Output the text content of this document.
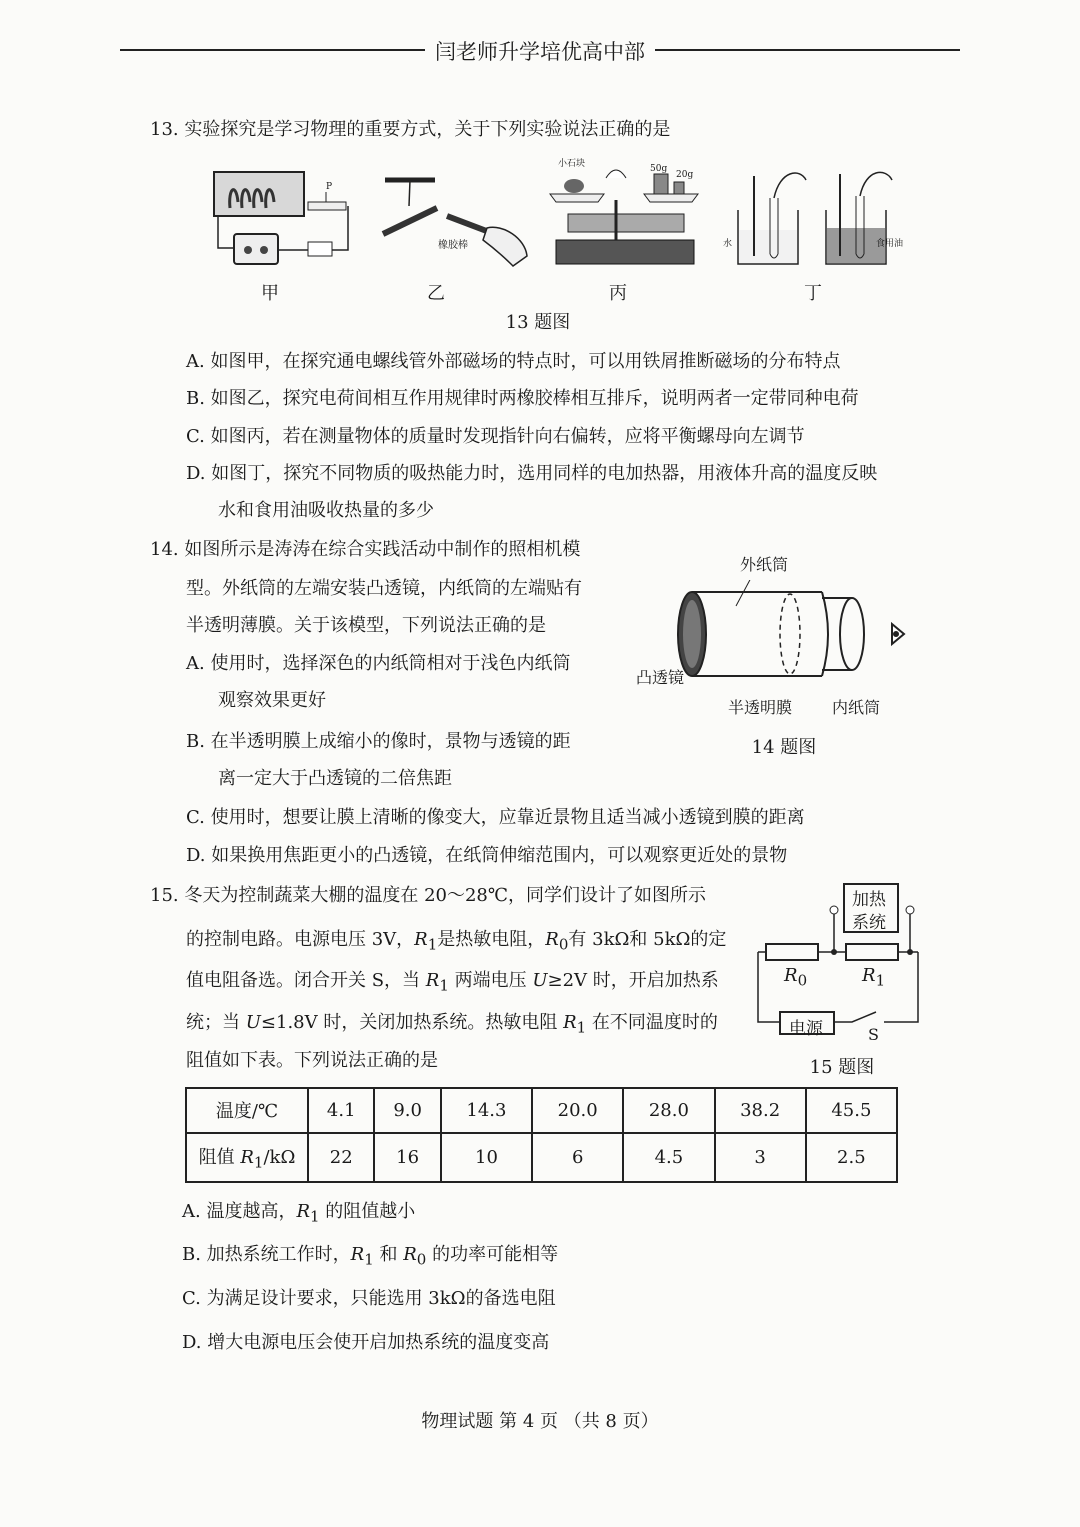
闫老师升学培优高中部
13. 实验探究是学习物理的重要方式，关于下列实验说法正确的是
P
橡胶棒
小石块	50g
20g
水	食用油
甲	乙	丙	丁
13 题图
A. 如图甲，在探究通电螺线管外部磁场的特点时，可以用铁屑推断磁场的分布特点
B. 如图乙，探究电荷间相互作用规律时两橡胶棒相互排斥，说明两者一定带同种电荷
C. 如图丙，若在测量物体的质量时发现指针向右偏转，应将平衡螺母向左调节
D. 如图丁，探究不同物质的吸热能力时，选用同样的电加热器，用液体升高的温度反映
水和食用油吸收热量的多少
14. 如图所示是涛涛在综合实践活动中制作的照相机模
型。外纸筒的左端安装凸透镜，内纸筒的左端贴有
半透明薄膜。关于该模型，下列说法正确的是
A. 使用时，选择深色的内纸筒相对于浅色内纸筒
观察效果更好
B. 在半透明膜上成缩小的像时，景物与透镜的距
离一定大于凸透镜的二倍焦距
C. 使用时，想要让膜上清晰的像变大，应靠近景物且适当减小透镜到膜的距离
D. 如果换用焦距更小的凸透镜，在纸筒伸缩范围内，可以观察更近处的景物
外纸筒
凸透镜
半透明膜 内纸筒
14 题图
15. 冬天为控制蔬菜大棚的温度在 20～28℃，同学们设计了如图所示
的控制电路。电源电压 3V，$R_1$是热敏电阻，$R_0$有 3kΩ和 5kΩ的定
值电阻备选。闭合开关 S，当 $R_1$ 两端电压 U≥2V 时，开启加热系
统；当 U≤1.8V 时，关闭加热系统。热敏电阻 $R_1$ 在不同温度时的
阻值如下表。下列说法正确的是
加热
系统
$R_0$	$R_1$
电源	S
15 题图
温度/℃	4.1	9.0	14.3	20.0	28.0	38.2	45.5
阻值 $R_1/k\Omega$	22	16	10	6	4.5	3	2.5
A. 温度越高，$R_1$ 的阻值越小
B. 加热系统工作时，$R_1$ 和 $R_0$ 的功率可能相等
C. 为满足设计要求，只能选用 3kΩ的备选电阻
D. 增大电源电压会使开启加热系统的温度变高
物理试题 第 4 页 （共 8 页）
